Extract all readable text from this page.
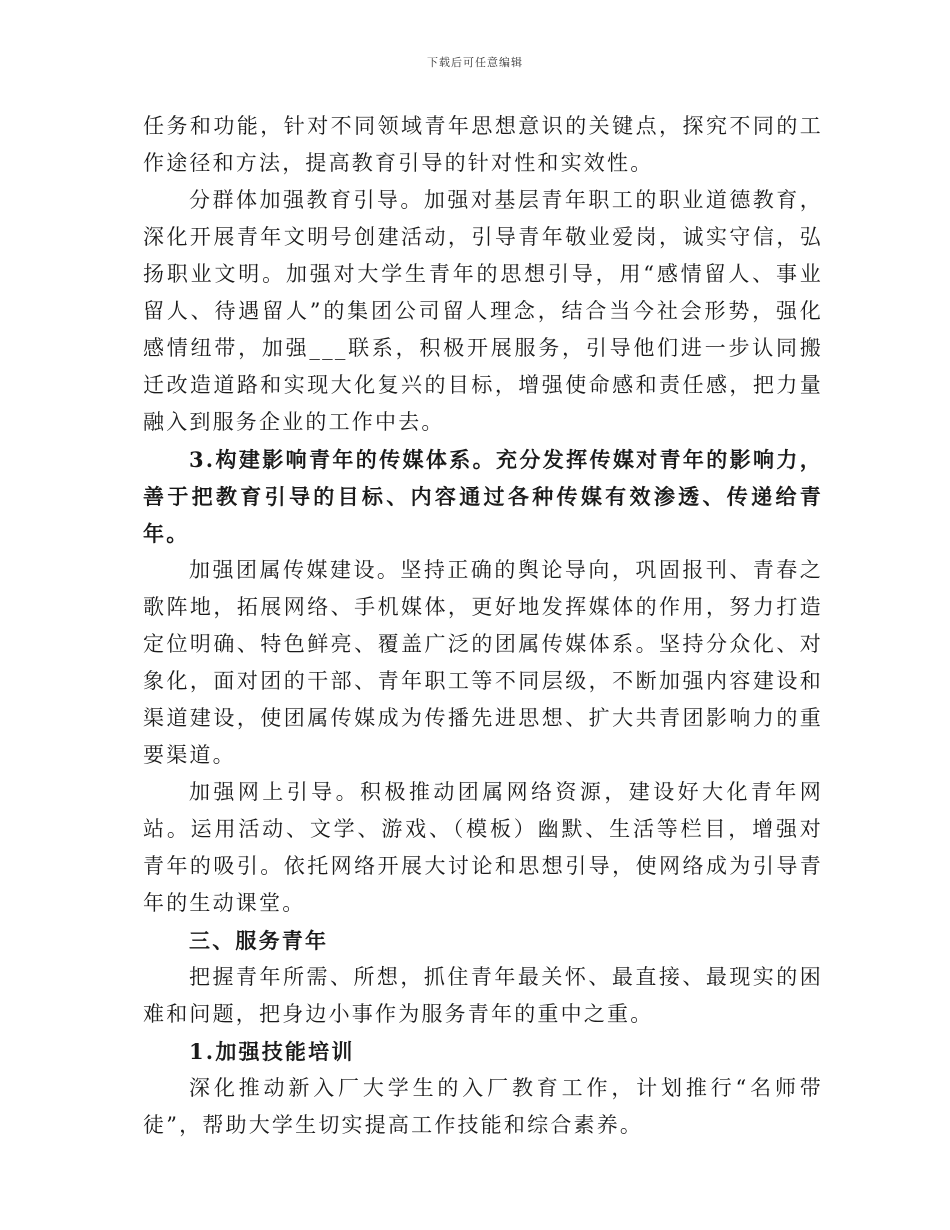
下载后可任意编辑

任务和功能，针对不同领域青年思想意识的关键点，探究不同的工作途径和方法，提高教育引导的针对性和实效性。

分群体加强教育引导。加强对基层青年职工的职业道德教育，深化开展青年文明号创建活动，引导青年敬业爱岗，诚实守信，弘扬职业文明。加强对大学生青年的思想引导，用“感情留人、事业留人、待遇留人”的集团公司留人理念，结合当今社会形势，强化感情纽带，加强___联系，积极开展服务，引导他们进一步认同搬迁改造道路和实现大化复兴的目标，增强使命感和责任感，把力量融入到服务企业的工作中去。

3.构建影响青年的传媒体系。充分发挥传媒对青年的影响力，善于把教育引导的目标、内容通过各种传媒有效渗透、传递给青年。

加强团属传媒建设。坚持正确的舆论导向，巩固报刊、青春之歌阵地，拓展网络、手机媒体，更好地发挥媒体的作用，努力打造定位明确、特色鲜亮、覆盖广泛的团属传媒体系。坚持分众化、对象化，面对团的干部、青年职工等不同层级，不断加强内容建设和渠道建设，使团属传媒成为传播先进思想、扩大共青团影响力的重要渠道。

加强网上引导。积极推动团属网络资源，建设好大化青年网站。运用活动、文学、游戏、（模板）幽默、生活等栏目，增强对青年的吸引。依托网络开展大讨论和思想引导，使网络成为引导青年的生动课堂。

三、服务青年

把握青年所需、所想，抓住青年最关怀、最直接、最现实的困难和问题，把身边小事作为服务青年的重中之重。

1.加强技能培训

深化推动新入厂大学生的入厂教育工作，计划推行“名师带徒”，帮助大学生切实提高工作技能和综合素养。
